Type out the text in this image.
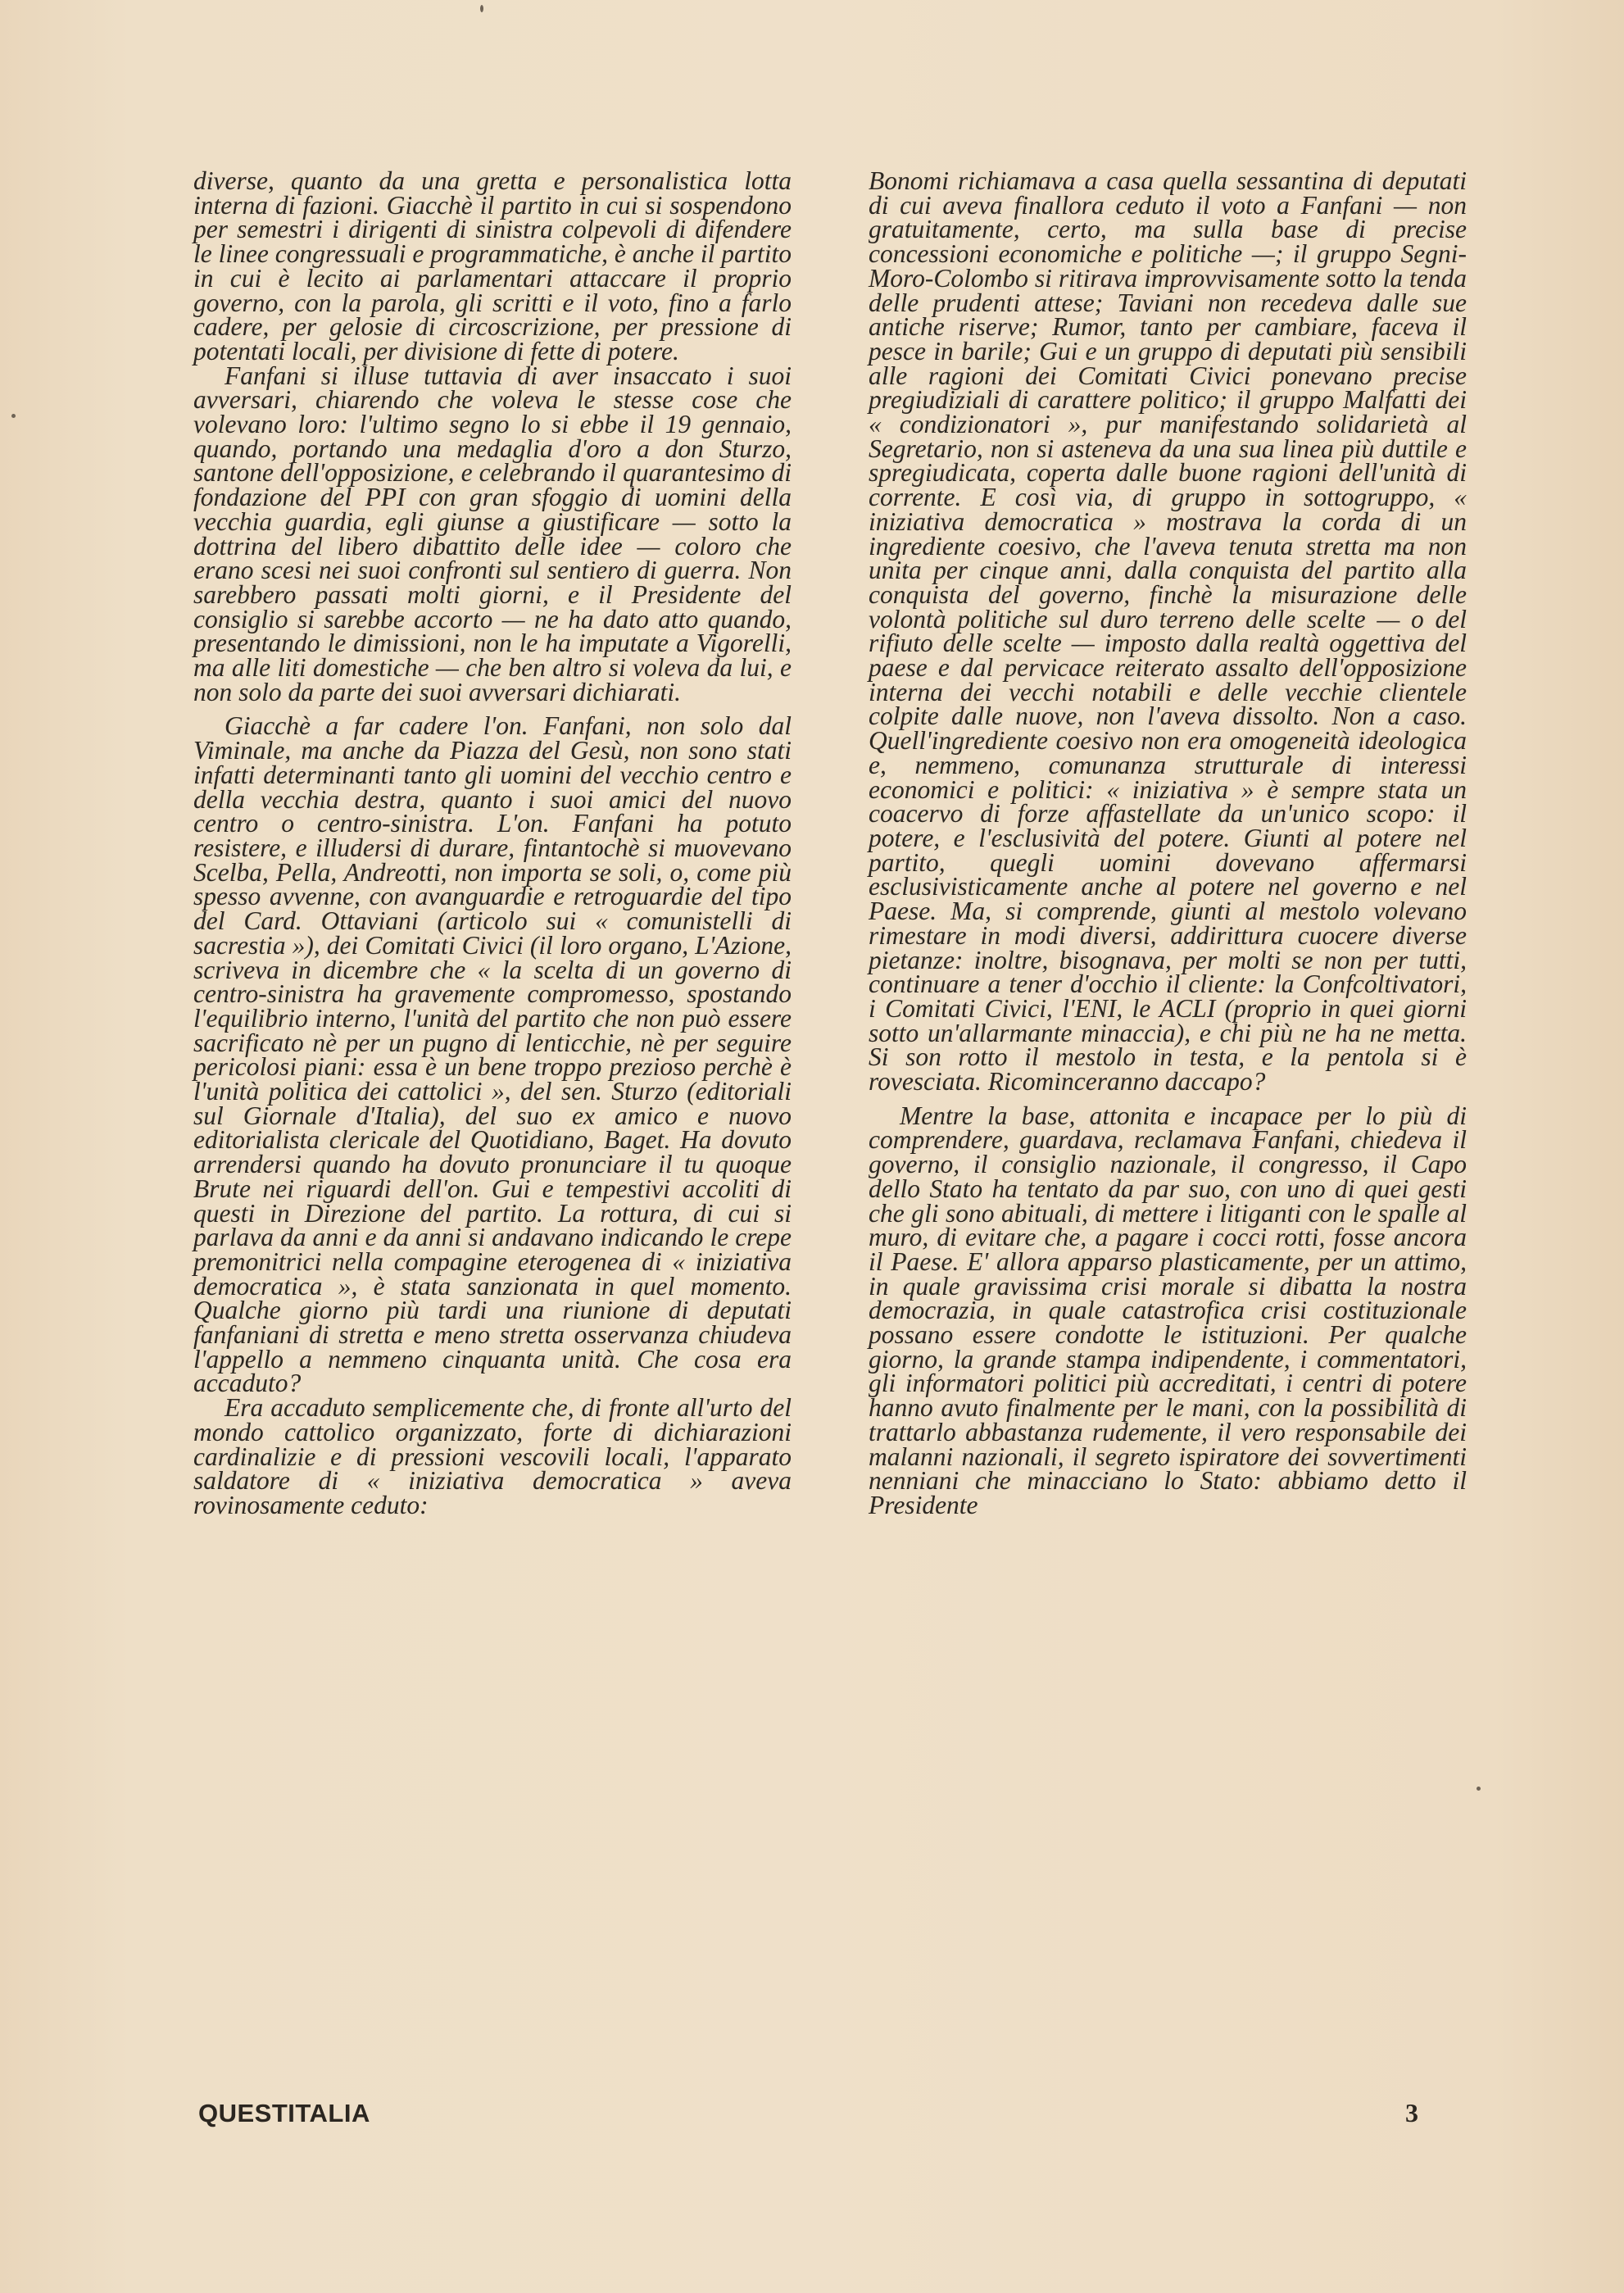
diverse, quanto da una gretta e personalistica lotta interna di fazioni. Giacchè il partito in cui si sospendono per semestri i dirigenti di sinistra colpevoli di difendere le linee congressuali e programmatiche, è anche il partito in cui è lecito ai parlamentari attaccare il proprio governo, con la parola, gli scritti e il voto, fino a farlo cadere, per gelosie di circoscrizione, per pressione di potentati locali, per divisione di fette di potere.

Fanfani si illuse tuttavia di aver insaccato i suoi avversari, chiarendo che voleva le stesse cose che volevano loro: l'ultimo segno lo si ebbe il 19 gennaio, quando, portando una medaglia d'oro a don Sturzo, santone dell'opposizione, e celebrando il quarantesimo di fondazione del PPI con gran sfoggio di uomini della vecchia guardia, egli giunse a giustificare — sotto la dottrina del libero dibattito delle idee — coloro che erano scesi nei suoi confronti sul sentiero di guerra. Non sarebbero passati molti giorni, e il Presidente del consiglio si sarebbe accorto — ne ha dato atto quando, presentando le dimissioni, non le ha imputate a Vigorelli, ma alle liti domestiche — che ben altro si voleva da lui, e non solo da parte dei suoi avversari dichiarati.

Giacchè a far cadere l'on. Fanfani, non solo dal Viminale, ma anche da Piazza del Gesù, non sono stati infatti determinanti tanto gli uomini del vecchio centro e della vecchia destra, quanto i suoi amici del nuovo centro o centro-sinistra. L'on. Fanfani ha potuto resistere, e illudersi di durare, fintantochè si muovevano Scelba, Pella, Andreotti, non importa se soli, o, come più spesso avvenne, con avanguardie e retroguardie del tipo del Card. Ottaviani (articolo sui « comunistelli di sacrestia »), dei Comitati Civici (il loro organo, L'Azione, scriveva in dicembre che « la scelta di un governo di centro-sinistra ha gravemente compromesso, spostando l'equilibrio interno, l'unità del partito che non può essere sacrificato nè per un pugno di lenticchie, nè per seguire pericolosi piani: essa è un bene troppo prezioso perchè è l'unità politica dei cattolici », del sen. Sturzo (editoriali sul Giornale d'Italia), del suo ex amico e nuovo editorialista clericale del Quotidiano, Baget. Ha dovuto arrendersi quando ha dovuto pronunciare il tu quoque Brute nei riguardi dell'on. Gui e tempestivi accoliti di questi in Direzione del partito. La rottura, di cui si parlava da anni e da anni si andavano indicando le crepe premonitrici nella compagine eterogenea di « iniziativa democratica », è stata sanzionata in quel momento. Qualche giorno più tardi una riunione di deputati fanfaniani di stretta e meno stretta osservanza chiudeva l'appello a nemmeno cinquanta unità. Che cosa era accaduto?

Era accaduto semplicemente che, di fronte all'urto del mondo cattolico organizzato, forte di dichiarazioni cardinalizie e di pressioni vescovili locali, l'apparato saldatore di « iniziativa democratica » aveva rovinosamente ceduto:

Bonomi richiamava a casa quella sessantina di deputati di cui aveva finallora ceduto il voto a Fanfani — non gratuitamente, certo, ma sulla base di precise concessioni economiche e politiche —; il gruppo Segni-Moro-Colombo si ritirava improvvisamente sotto la tenda delle prudenti attese; Taviani non recedeva dalle sue antiche riserve; Rumor, tanto per cambiare, faceva il pesce in barile; Gui e un gruppo di deputati più sensibili alle ragioni dei Comitati Civici ponevano precise pregiudiziali di carattere politico; il gruppo Malfatti dei « condizionatori », pur manifestando solidarietà al Segretario, non si asteneva da una sua linea più duttile e spregiudicata, coperta dalle buone ragioni dell'unità di corrente. E così via, di gruppo in sottogruppo, « iniziativa democratica » mostrava la corda di un ingrediente coesivo, che l'aveva tenuta stretta ma non unita per cinque anni, dalla conquista del partito alla conquista del governo, finchè la misurazione delle volontà politiche sul duro terreno delle scelte — o del rifiuto delle scelte — imposto dalla realtà oggettiva del paese e dal pervicace reiterato assalto dell'opposizione interna dei vecchi notabili e delle vecchie clientele colpite dalle nuove, non l'aveva dissolto. Non a caso. Quell'ingrediente coesivo non era omogeneità ideologica e, nemmeno, comunanza strutturale di interessi economici e politici: « iniziativa » è sempre stata un coacervo di forze affastellate da un'unico scopo: il potere, e l'esclusività del potere. Giunti al potere nel partito, quegli uomini dovevano affermarsi esclusivisticamente anche al potere nel governo e nel Paese. Ma, si comprende, giunti al mestolo volevano rimestare in modi diversi, addirittura cuocere diverse pietanze: inoltre, bisognava, per molti se non per tutti, continuare a tener d'occhio il cliente: la Confcoltivatori, i Comitati Civici, l'ENI, le ACLI (proprio in quei giorni sotto un'allarmante minaccia), e chi più ne ha ne metta. Si son rotto il mestolo in testa, e la pentola si è rovesciata. Ricominceranno daccapo?

Mentre la base, attonita e incapace per lo più di comprendere, guardava, reclamava Fanfani, chiedeva il governo, il consiglio nazionale, il congresso, il Capo dello Stato ha tentato da par suo, con uno di quei gesti che gli sono abituali, di mettere i litiganti con le spalle al muro, di evitare che, a pagare i cocci rotti, fosse ancora il Paese. E' allora apparso plasticamente, per un attimo, in quale gravissima crisi morale si dibatta la nostra democrazia, in quale catastrofica crisi costituzionale possano essere condotte le istituzioni. Per qualche giorno, la grande stampa indipendente, i commentatori, gli informatori politici più accreditati, i centri di potere hanno avuto finalmente per le mani, con la possibilità di trattarlo abbastanza rudemente, il vero responsabile dei malanni nazionali, il segreto ispiratore dei sovvertimenti nenniani che minacciano lo Stato: abbiamo detto il Presidente

QUESTITALIA	3
